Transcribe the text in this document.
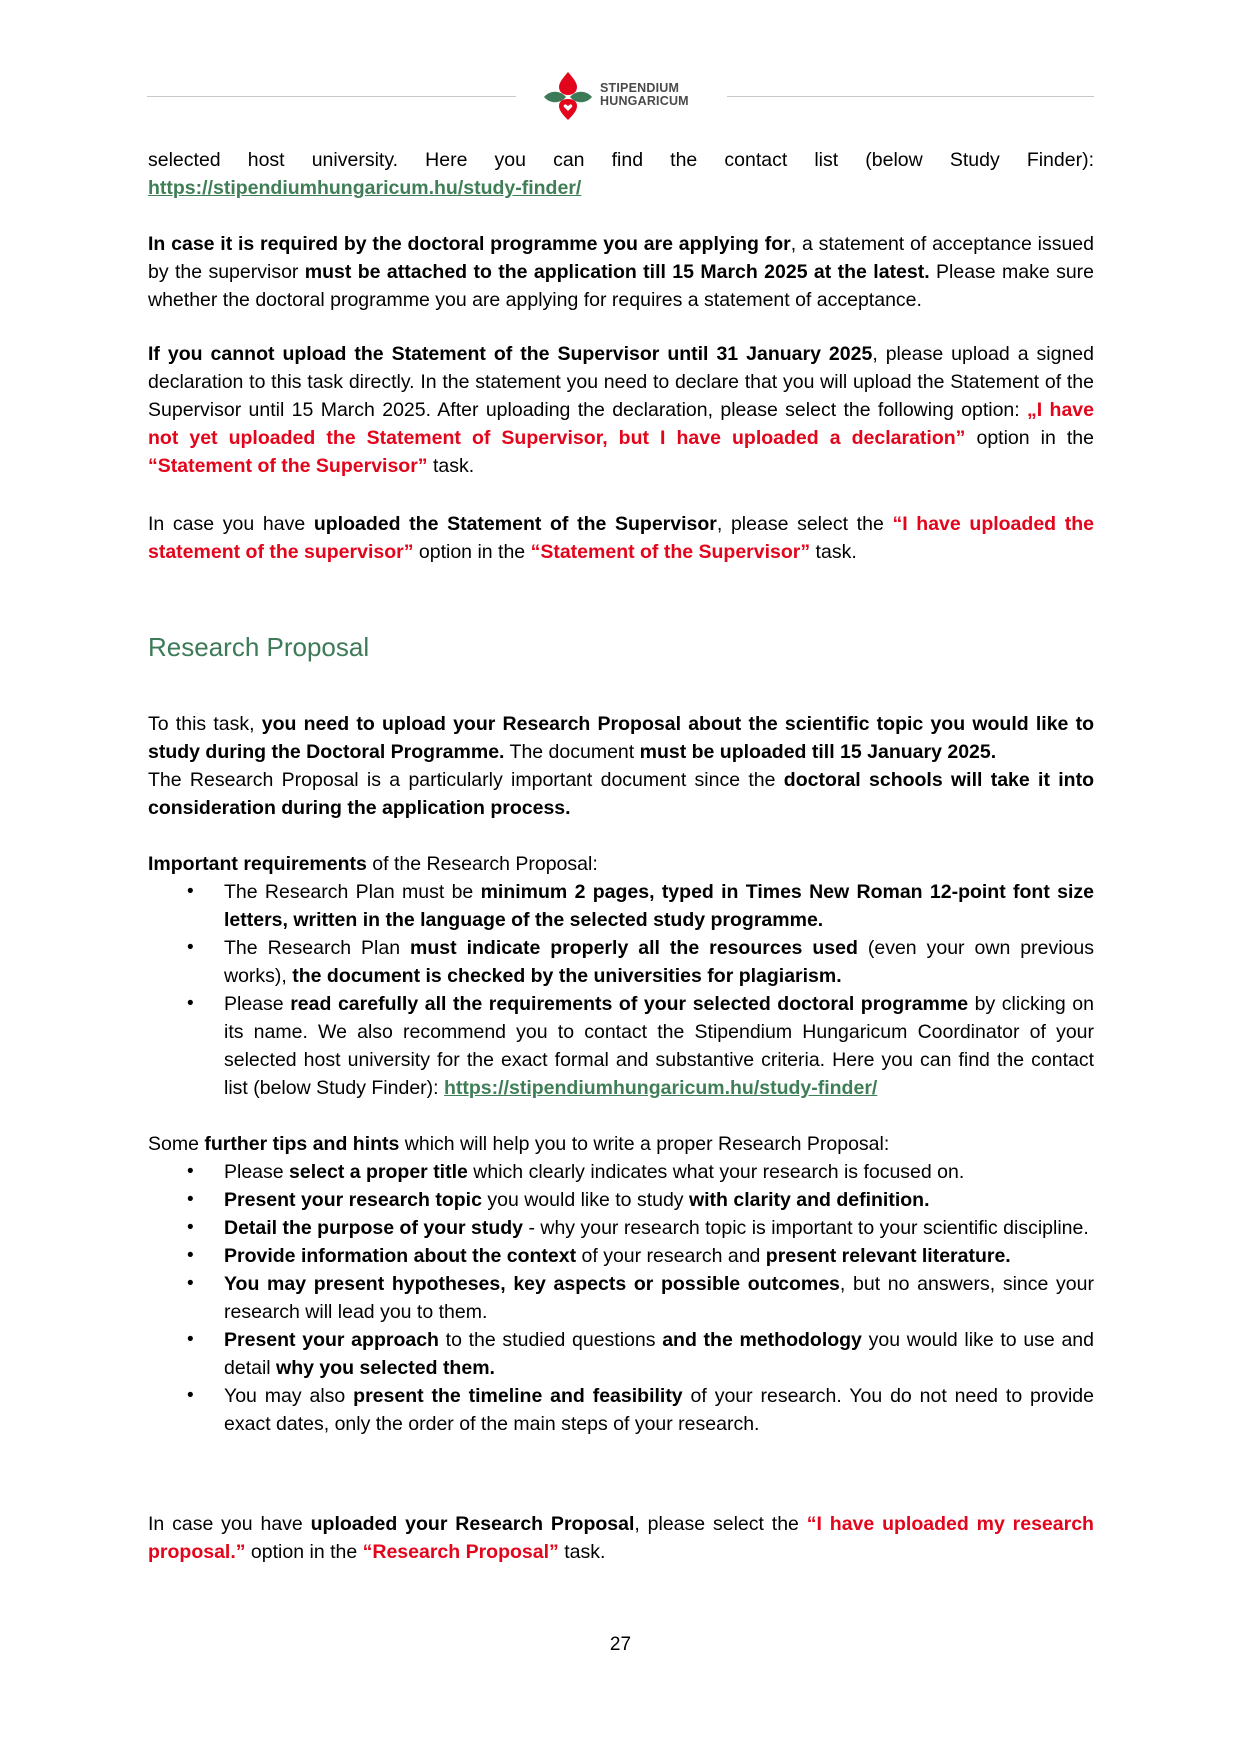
STIPENDIUM
HUNGARICUM

selected host university. Here you can find the contact list (below Study Finder):

https://stipendiumhungaricum.hu/study-finder/

In case it is required by the doctoral programme you are applying for, a statement of acceptance issued by the supervisor must be attached to the application till 15 March 2025 at the latest. Please make sure whether the doctoral programme you are applying for requires a statement of acceptance.

If you cannot upload the Statement of the Supervisor until 31 January 2025, please upload a signed declaration to this task directly. In the statement you need to declare that you will upload the Statement of the Supervisor until 15 March 2025. After uploading the declaration, please select the following option: „I have not yet uploaded the Statement of Supervisor, but I have uploaded a declaration” option in the “Statement of the Supervisor” task.

In case you have uploaded the Statement of the Supervisor, please select the “I have uploaded the statement of the supervisor” option in the “Statement of the Supervisor” task.

Research Proposal

To this task, you need to upload your Research Proposal about the scientific topic you would like to study during the Doctoral Programme. The document must be uploaded till 15 January 2025.

The Research Proposal is a particularly important document since the doctoral schools will take it into consideration during the application process.

Important requirements of the Research Proposal:

• The Research Plan must be minimum 2 pages, typed in Times New Roman 12-point font size letters, written in the language of the selected study programme.
• The Research Plan must indicate properly all the resources used (even your own previous works), the document is checked by the universities for plagiarism.
• Please read carefully all the requirements of your selected doctoral programme by clicking on its name. We also recommend you to contact the Stipendium Hungaricum Coordinator of your selected host university for the exact formal and substantive criteria. Here you can find the contact list (below Study Finder): https://stipendiumhungaricum.hu/study-finder/

Some further tips and hints which will help you to write a proper Research Proposal:

• Please select a proper title which clearly indicates what your research is focused on.
• Present your research topic you would like to study with clarity and definition.
• Detail the purpose of your study - why your research topic is important to your scientific discipline.
• Provide information about the context of your research and present relevant literature.
• You may present hypotheses, key aspects or possible outcomes, but no answers, since your research will lead you to them.
• Present your approach to the studied questions and the methodology you would like to use and detail why you selected them.
• You may also present the timeline and feasibility of your research. You do not need to provide exact dates, only the order of the main steps of your research.

In case you have uploaded your Research Proposal, please select the “I have uploaded my research proposal.” option in the “Research Proposal” task.

27
